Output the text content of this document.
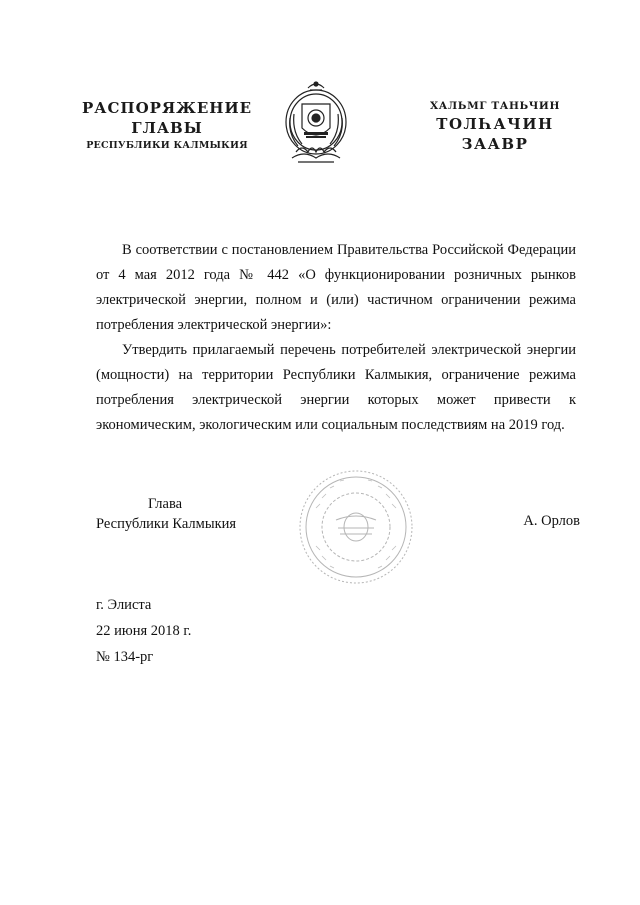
РАСПОРЯЖЕНИЕ
ГЛАВЫ
РЕСПУБЛИКИ КАЛМЫКИЯ
ХАЛЬМГ ТАНЬЧИН
ТОЛҺАЧИН
ЗААВР

В соответствии с постановлением Правительства Российской Федерации от 4 мая 2012 года № 442 «О функционировании розничных рынков электрической энергии, полном и (или) частичном ограничении режима потребления электрической энергии»:

Утвердить прилагаемый перечень потребителей электрической энергии (мощности) на территории Республики Калмыкия, ограничение режима потребления электрической энергии которых может привести к экономическим, экологическим или социальным последствиям на 2019 год.

Глава
Республики Калмыкия	А. Орлов
г. Элиста
22 июня 2018 г.
№ 134-рг
